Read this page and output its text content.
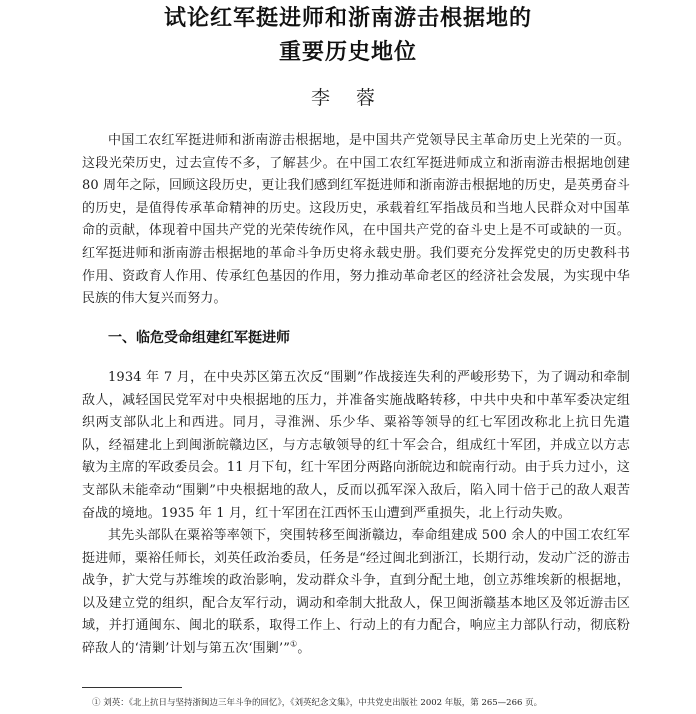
试论红军挺进师和浙南游击根据地的
重要历史地位
李 蓉

中国工农红军挺进师和浙南游击根据地，是中国共产党领导民主革命历史上光荣的一页。这段光荣历史，过去宣传不多，了解甚少。在中国工农红军挺进师成立和浙南游击根据地创建 80 周年之际，回顾这段历史，更让我们感到红军挺进师和浙南游击根据地的历史，是英勇奋斗的历史，是值得传承革命精神的历史。这段历史，承载着红军指战员和当地人民群众对中国革命的贡献，体现着中国共产党的光荣传统作风，在中国共产党的奋斗史上是不可或缺的一页。红军挺进师和浙南游击根据地的革命斗争历史将永载史册。我们要充分发挥党史的历史教科书作用、资政育人作用、传承红色基因的作用，努力推动革命老区的经济社会发展，为实现中华民族的伟大复兴而努力。

一、临危受命组建红军挺进师

1934 年 7 月，在中央苏区第五次反“围剿”作战接连失利的严峻形势下，为了调动和牵制敌人，减轻国民党军对中央根据地的压力，并准备实施战略转移，中共中央和中革军委决定组织两支部队北上和西进。同月，寻淮洲、乐少华、粟裕等领导的红七军团改称北上抗日先遣队，经福建北上到闽浙皖赣边区，与方志敏领导的红十军会合，组成红十军团，并成立以方志敏为主席的军政委员会。11 月下旬，红十军团分两路向浙皖边和皖南行动。由于兵力过小，这支部队未能牵动“围剿”中央根据地的敌人，反而以孤军深入敌后，陷入同十倍于己的敌人艰苦奋战的境地。1935 年 1 月，红十军团在江西怀玉山遭到严重损失，北上行动失败。

其先头部队在粟裕等率领下，突围转移至闽浙赣边，奉命组建成 500 余人的中国工农红军挺进师，粟裕任师长，刘英任政治委员，任务是“经过闽北到浙江，长期行动，发动广泛的游击战争，扩大党与苏维埃的政治影响，发动群众斗争，直到分配土地，创立苏维埃新的根据地，以及建立党的组织，配合友军行动，调动和牵制大批敌人，保卫闽浙赣基本地区及邻近游击区域，并打通闽东、闽北的联系，取得工作上、行动上的有力配合，响应主力部队行动，彻底粉碎敌人的‘清剿’计划与第五次‘围剿’”①。

① 刘英：《北上抗日与坚持浙闽边三年斗争的回忆》，《刘英纪念文集》，中共党史出版社 2002 年版，第 265—266 页。
